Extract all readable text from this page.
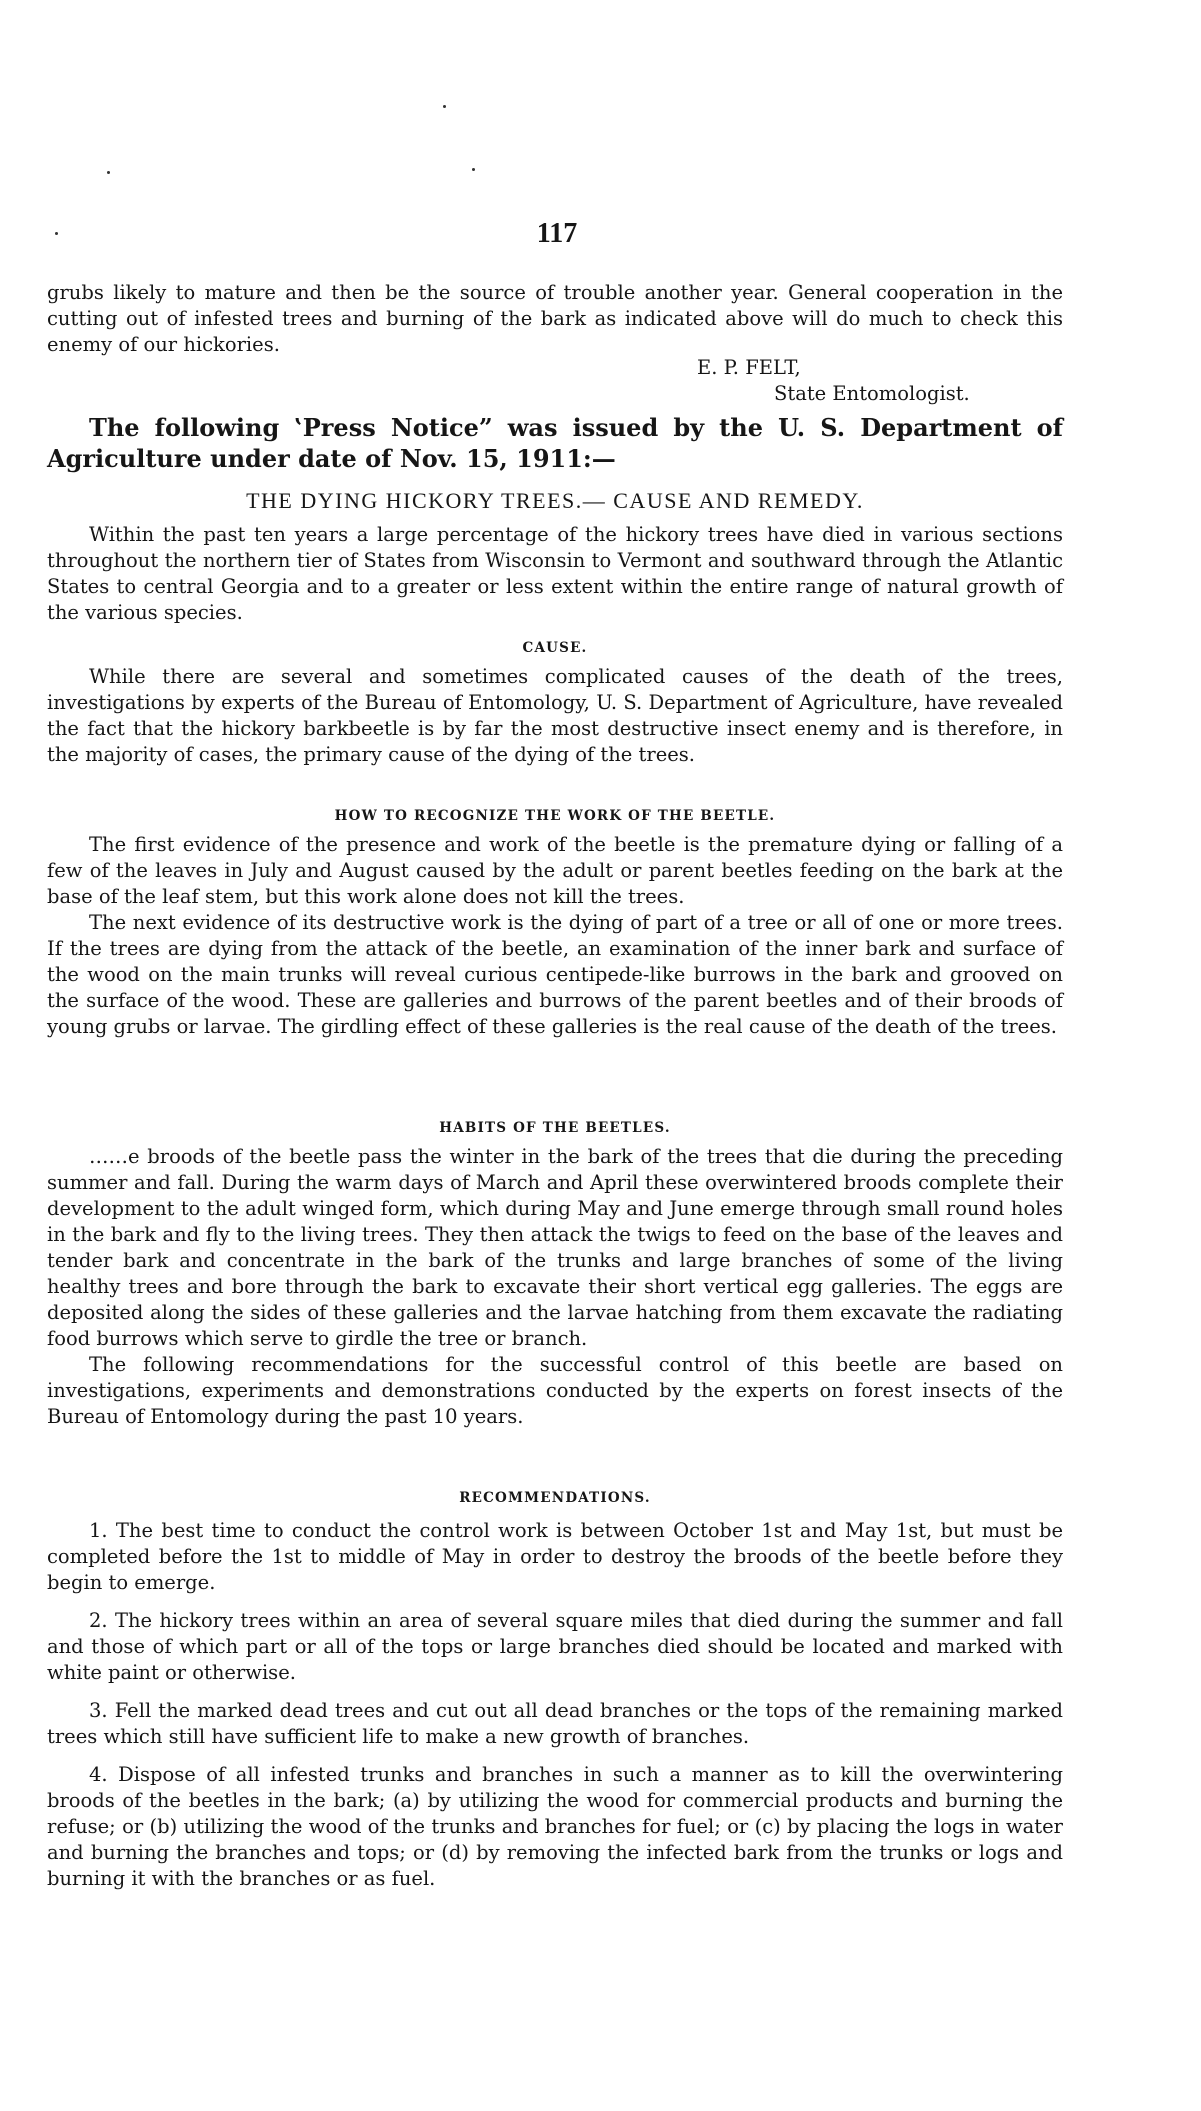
117

grubs likely to mature and then be the source of trouble another year. General cooperation in the cutting out of infested trees and burning of the bark as indicated above will do much to check this enemy of our hickories.

E. P. FELT,
State Entomologist.

The following ‛Press Notice” was issued by the U. S. Department of Agriculture under date of Nov. 15, 1911:—

THE DYING HICKORY TREES.— CAUSE AND REMEDY.

Within the past ten years a large percentage of the hickory trees have died in various sections throughout the northern tier of States from Wisconsin to Vermont and southward through the Atlantic States to central Georgia and to a greater or less extent within the entire range of natural growth of the various species.

CAUSE.

While there are several and sometimes complicated causes of the death of the trees, investigations by experts of the Bureau of Entomology, U. S. Department of Agriculture, have revealed the fact that the hickory barkbeetle is by far the most destructive insect enemy and is therefore, in the majority of cases, the primary cause of the dying of the trees.

HOW TO RECOGNIZE THE WORK OF THE BEETLE.

The first evidence of the presence and work of the beetle is the premature dying or falling of a few of the leaves in July and August caused by the adult or parent beetles feeding on the bark at the base of the leaf stem, but this work alone does not kill the trees.

The next evidence of its destructive work is the dying of part of a tree or all of one or more trees. If the trees are dying from the attack of the beetle, an examination of the inner bark and surface of the wood on the main trunks will reveal curious centipede-like burrows in the bark and grooved on the surface of the wood. These are galleries and burrows of the parent beetles and of their broods of young grubs or larvae. The girdling effect of these galleries is the real cause of the death of the trees.

HABITS OF THE BEETLES.

……e broods of the beetle pass the winter in the bark of the trees that die during the preceding summer and fall. During the warm days of March and April these overwintered broods complete their development to the adult winged form, which during May and June emerge through small round holes in the bark and fly to the living trees. They then attack the twigs to feed on the base of the leaves and tender bark and concentrate in the bark of the trunks and large branches of some of the living healthy trees and bore through the bark to excavate their short vertical egg galleries. The eggs are deposited along the sides of these galleries and the larvae hatching from them excavate the radiating food burrows which serve to girdle the tree or branch.

The following recommendations for the successful control of this beetle are based on investigations, experiments and demonstrations conducted by the experts on forest insects of the Bureau of Entomology during the past 10 years.

RECOMMENDATIONS.

1. The best time to conduct the control work is between October 1st and May 1st, but must be completed before the 1st to middle of May in order to destroy the broods of the beetle before they begin to emerge.

2. The hickory trees within an area of several square miles that died during the summer and fall and those of which part or all of the tops or large branches died should be located and marked with white paint or otherwise.

3. Fell the marked dead trees and cut out all dead branches or the tops of the remaining marked trees which still have sufficient life to make a new growth of branches.

4. Dispose of all infested trunks and branches in such a manner as to kill the overwintering broods of the beetles in the bark; (a) by utilizing the wood for commercial products and burning the refuse; or (b) utilizing the wood of the trunks and branches for fuel; or (c) by placing the logs in water and burning the branches and tops; or (d) by removing the infected bark from the trunks or logs and burning it with the branches or as fuel.
